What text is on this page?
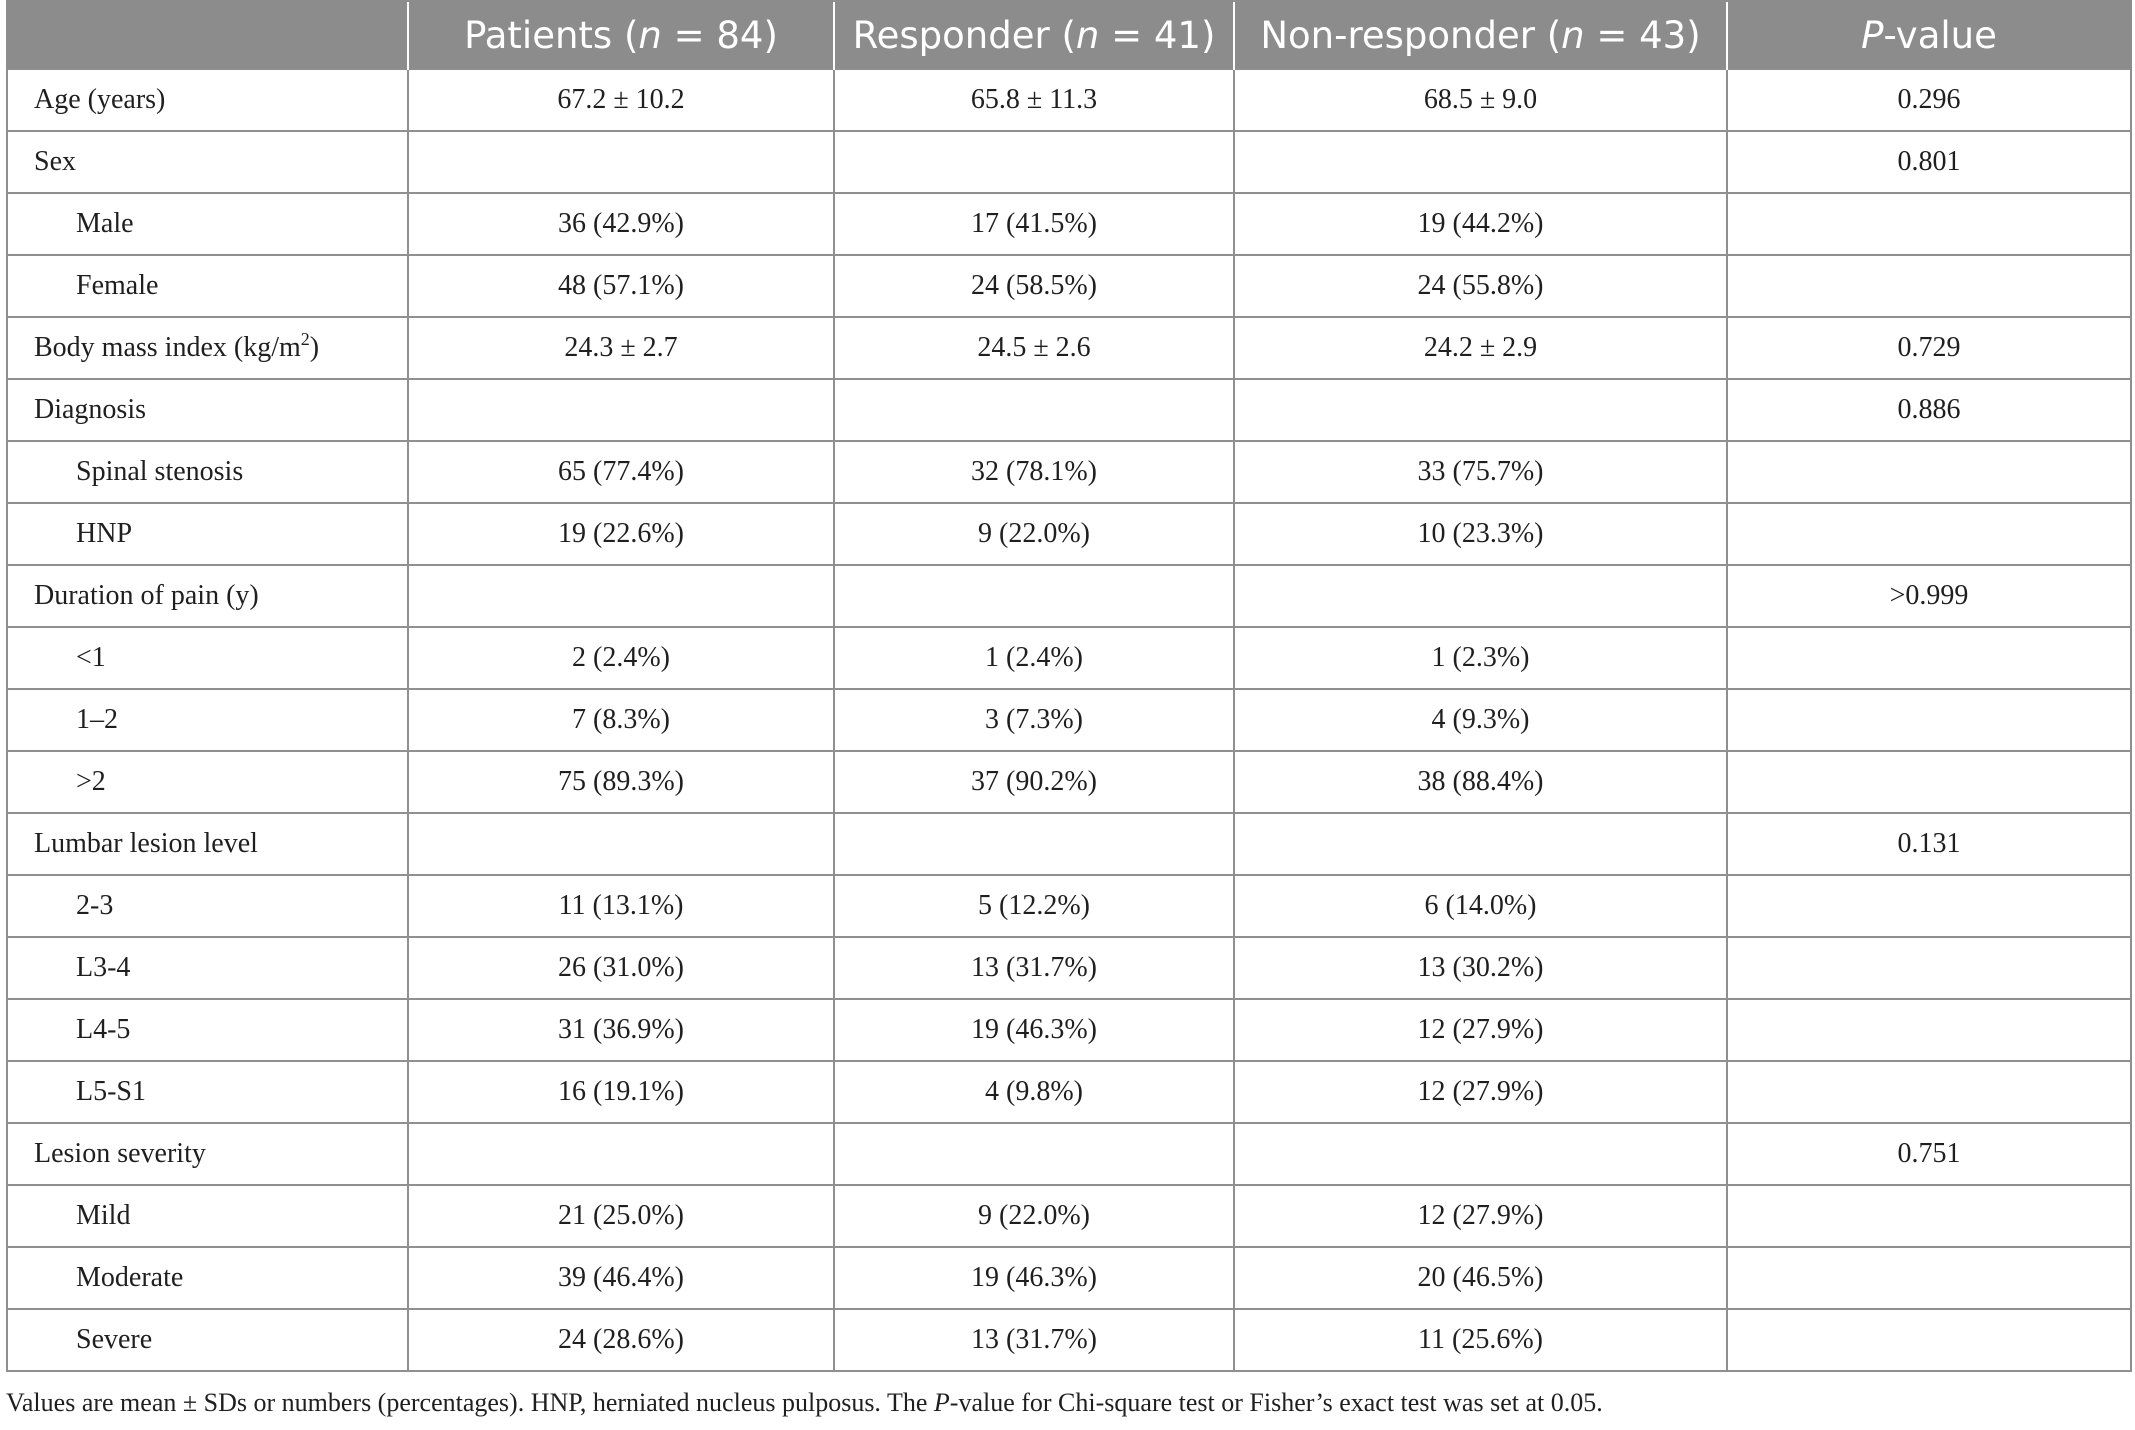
	Patients (n = 84)	Responder (n = 41)	Non-responder (n = 43)	P-value
Age (years)	67.2 ± 10.2	65.8 ± 11.3	68.5 ± 9.0	0.296
Sex				0.801
Male	36 (42.9%)	17 (41.5%)	19 (44.2%)	
Female	48 (57.1%)	24 (58.5%)	24 (55.8%)	
Body mass index $(kg/m^2)$	24.3 ± 2.7	24.5 ± 2.6	24.2 ± 2.9	0.729
Diagnosis				0.886
Spinal stenosis	65 (77.4%)	32 (78.1%)	33 (75.7%)	
HNP	19 (22.6%)	9 (22.0%)	10 (23.3%)	
Duration of pain (y)				>0.999
<1	2 (2.4%)	1 (2.4%)	1 (2.3%)	
1–2	7 (8.3%)	3 (7.3%)	4 (9.3%)	
>2	75 (89.3%)	37 (90.2%)	38 (88.4%)	
Lumbar lesion level				0.131
2-3	11 (13.1%)	5 (12.2%)	6 (14.0%)	
L3-4	26 (31.0%)	13 (31.7%)	13 (30.2%)	
L4-5	31 (36.9%)	19 (46.3%)	12 (27.9%)	
L5-S1	16 (19.1%)	4 (9.8%)	12 (27.9%)	
Lesion severity				0.751
Mild	21 (25.0%)	9 (22.0%)	12 (27.9%)	
Moderate	39 (46.4%)	19 (46.3%)	20 (46.5%)	
Severe	24 (28.6%)	13 (31.7%)	11 (25.6%)	
Values are mean ± SDs or numbers (percentages). HNP, herniated nucleus pulposus. The P-value for Chi-square test or Fisher’s exact test was set at 0.05.
